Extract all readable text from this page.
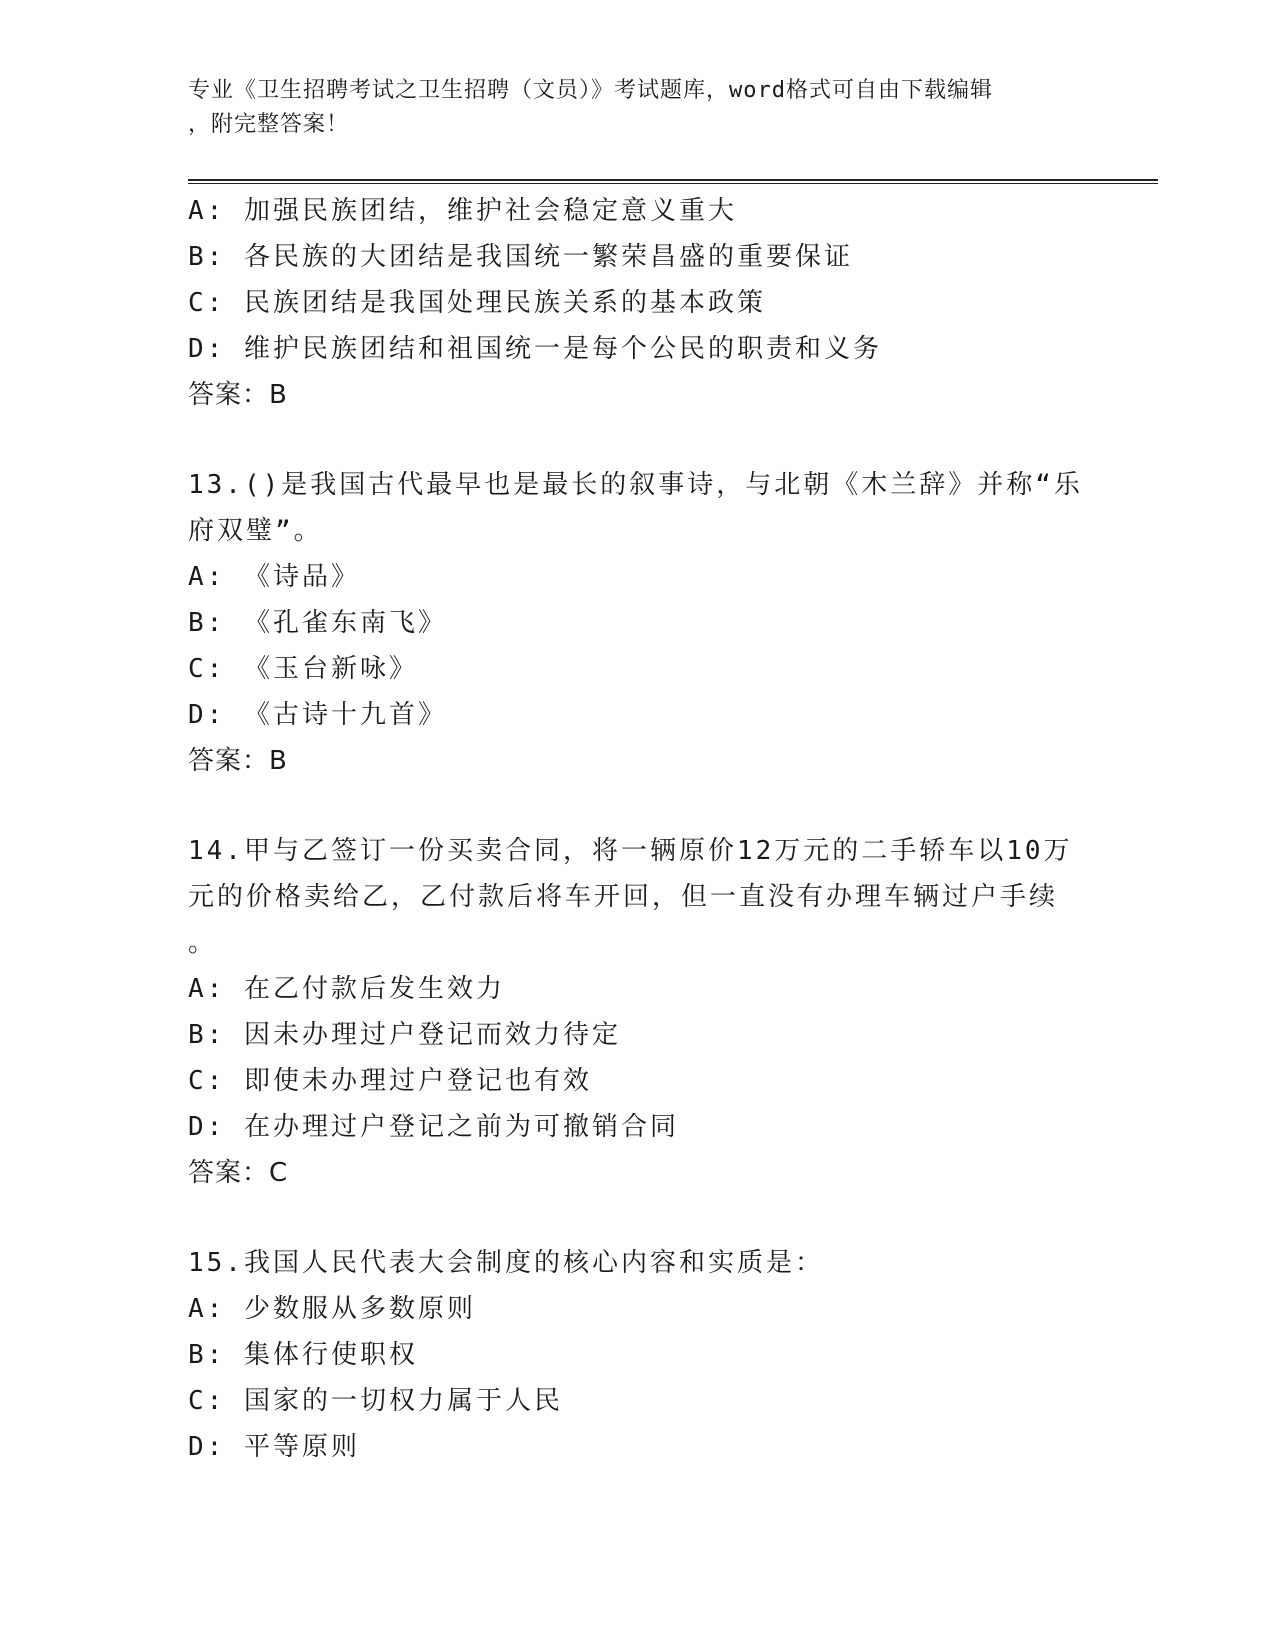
专业《卫生招聘考试之卫生招聘（文员）》考试题库，word格式可自由下载编辑
，附完整答案！
A: 加强民族团结，维护社会稳定意义重大
B: 各民族的大团结是我国统一繁荣昌盛的重要保证
C: 民族团结是我国处理民族关系的基本政策
D: 维护民族团结和祖国统一是每个公民的职责和义务
答案：B
13.()是我国古代最早也是最长的叙事诗，与北朝《木兰辞》并称“乐
府双璧”。
A: 《诗品》
B: 《孔雀东南飞》
C: 《玉台新咏》
D: 《古诗十九首》
答案：B
14.甲与乙签订一份买卖合同，将一辆原价12万元的二手轿车以10万
元的价格卖给乙，乙付款后将车开回，但一直没有办理车辆过户手续
。
A: 在乙付款后发生效力
B: 因未办理过户登记而效力待定
C: 即使未办理过户登记也有效
D: 在办理过户登记之前为可撤销合同
答案：C
15.我国人民代表大会制度的核心内容和实质是：
A: 少数服从多数原则
B: 集体行使职权
C: 国家的一切权力属于人民
D: 平等原则
